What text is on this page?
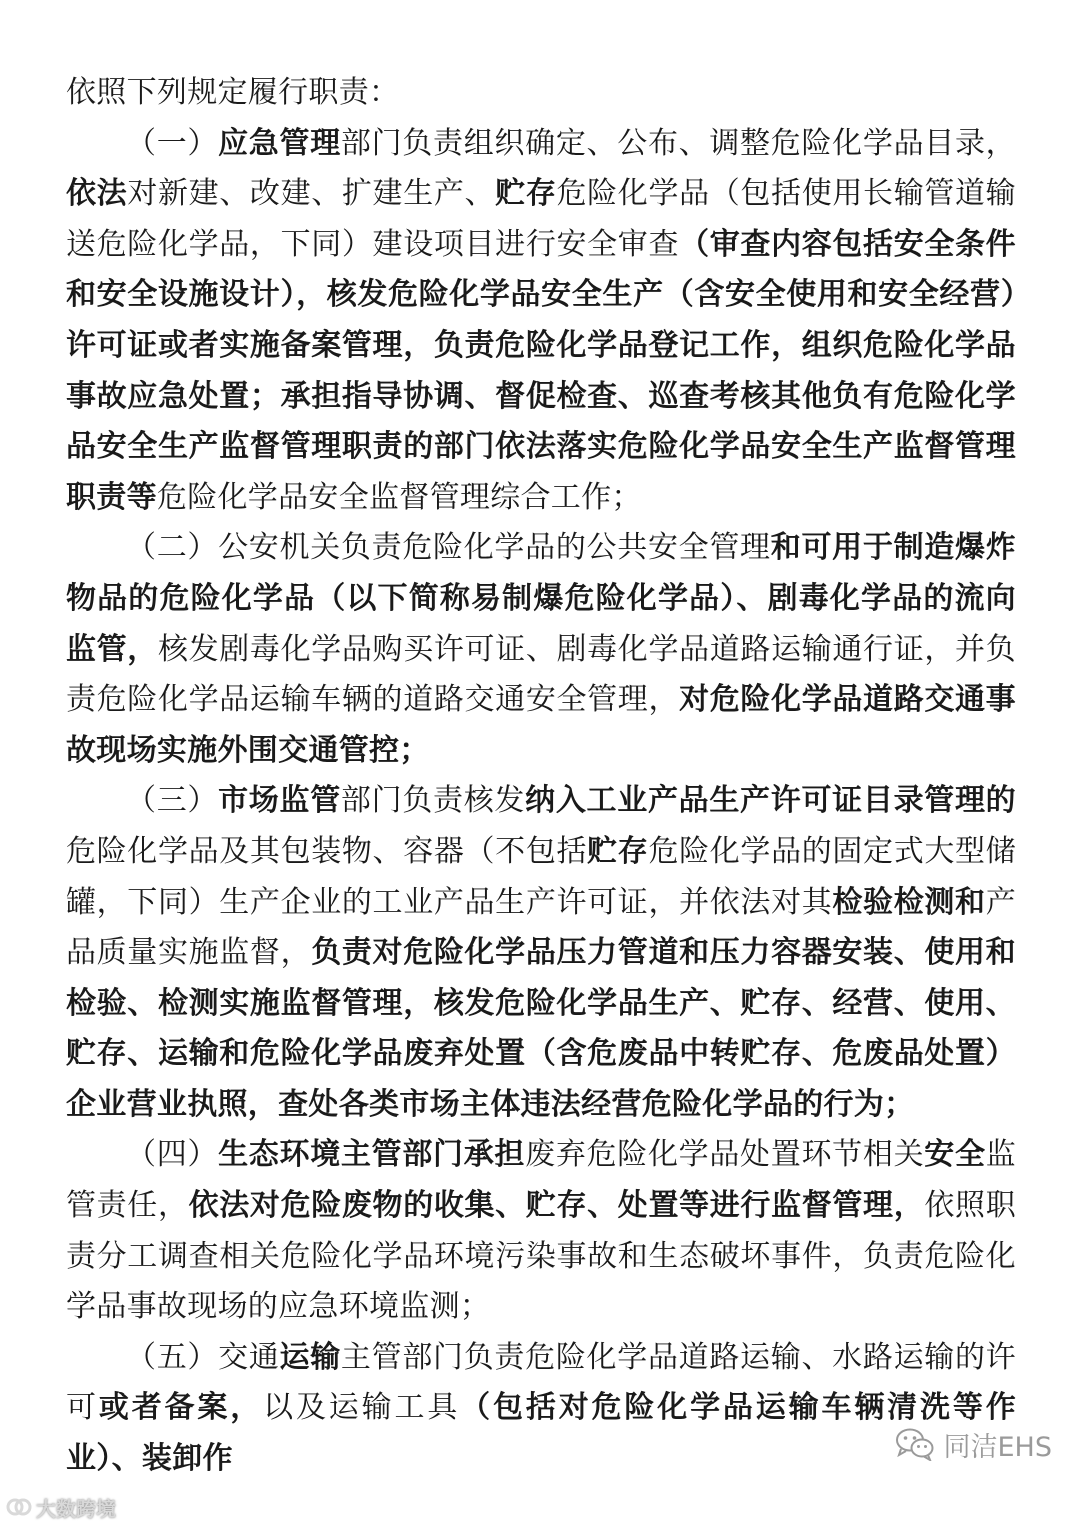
依照下列规定履行职责：

（一）应急管理部门负责组织确定、公布、调整危险化学品目录，依法对新建、改建、扩建生产、贮存危险化学品（包括使用长输管道输送危险化学品，下同）建设项目进行安全审查（审查内容包括安全条件和安全设施设计），核发危险化学品安全生产（含安全使用和安全经营）许可证或者实施备案管理，负责危险化学品登记工作，组织危险化学品事故应急处置；承担指导协调、督促检查、巡查考核其他负有危险化学品安全生产监督管理职责的部门依法落实危险化学品安全生产监督管理职责等危险化学品安全监督管理综合工作；

（二）公安机关负责危险化学品的公共安全管理和可用于制造爆炸物品的危险化学品（以下简称易制爆危险化学品）、剧毒化学品的流向监管，核发剧毒化学品购买许可证、剧毒化学品道路运输通行证，并负责危险化学品运输车辆的道路交通安全管理，对危险化学品道路交通事故现场实施外围交通管控；

（三）市场监管部门负责核发纳入工业产品生产许可证目录管理的危险化学品及其包装物、容器（不包括贮存危险化学品的固定式大型储罐，下同）生产企业的工业产品生产许可证，并依法对其检验检测和产品质量实施监督，负责对危险化学品压力管道和压力容器安装、使用和检验、检测实施监督管理，核发危险化学品生产、贮存、经营、使用、贮存、运输和危险化学品废弃处置（含危废品中转贮存、危废品处置）企业营业执照，查处各类市场主体违法经营危险化学品的行为；

（四）生态环境主管部门承担废弃危险化学品处置环节相关安全监管责任，依法对危险废物的收集、贮存、处置等进行监督管理，依照职责分工调查相关危险化学品环境污染事故和生态破坏事件，负责危险化学品事故现场的应急环境监测；

（五）交通运输主管部门负责危险化学品道路运输、水路运输的许可或者备案，以及运输工具（包括对危险化学品运输车辆清洗等作业）、装卸作

大数跨境
同洁EHS
